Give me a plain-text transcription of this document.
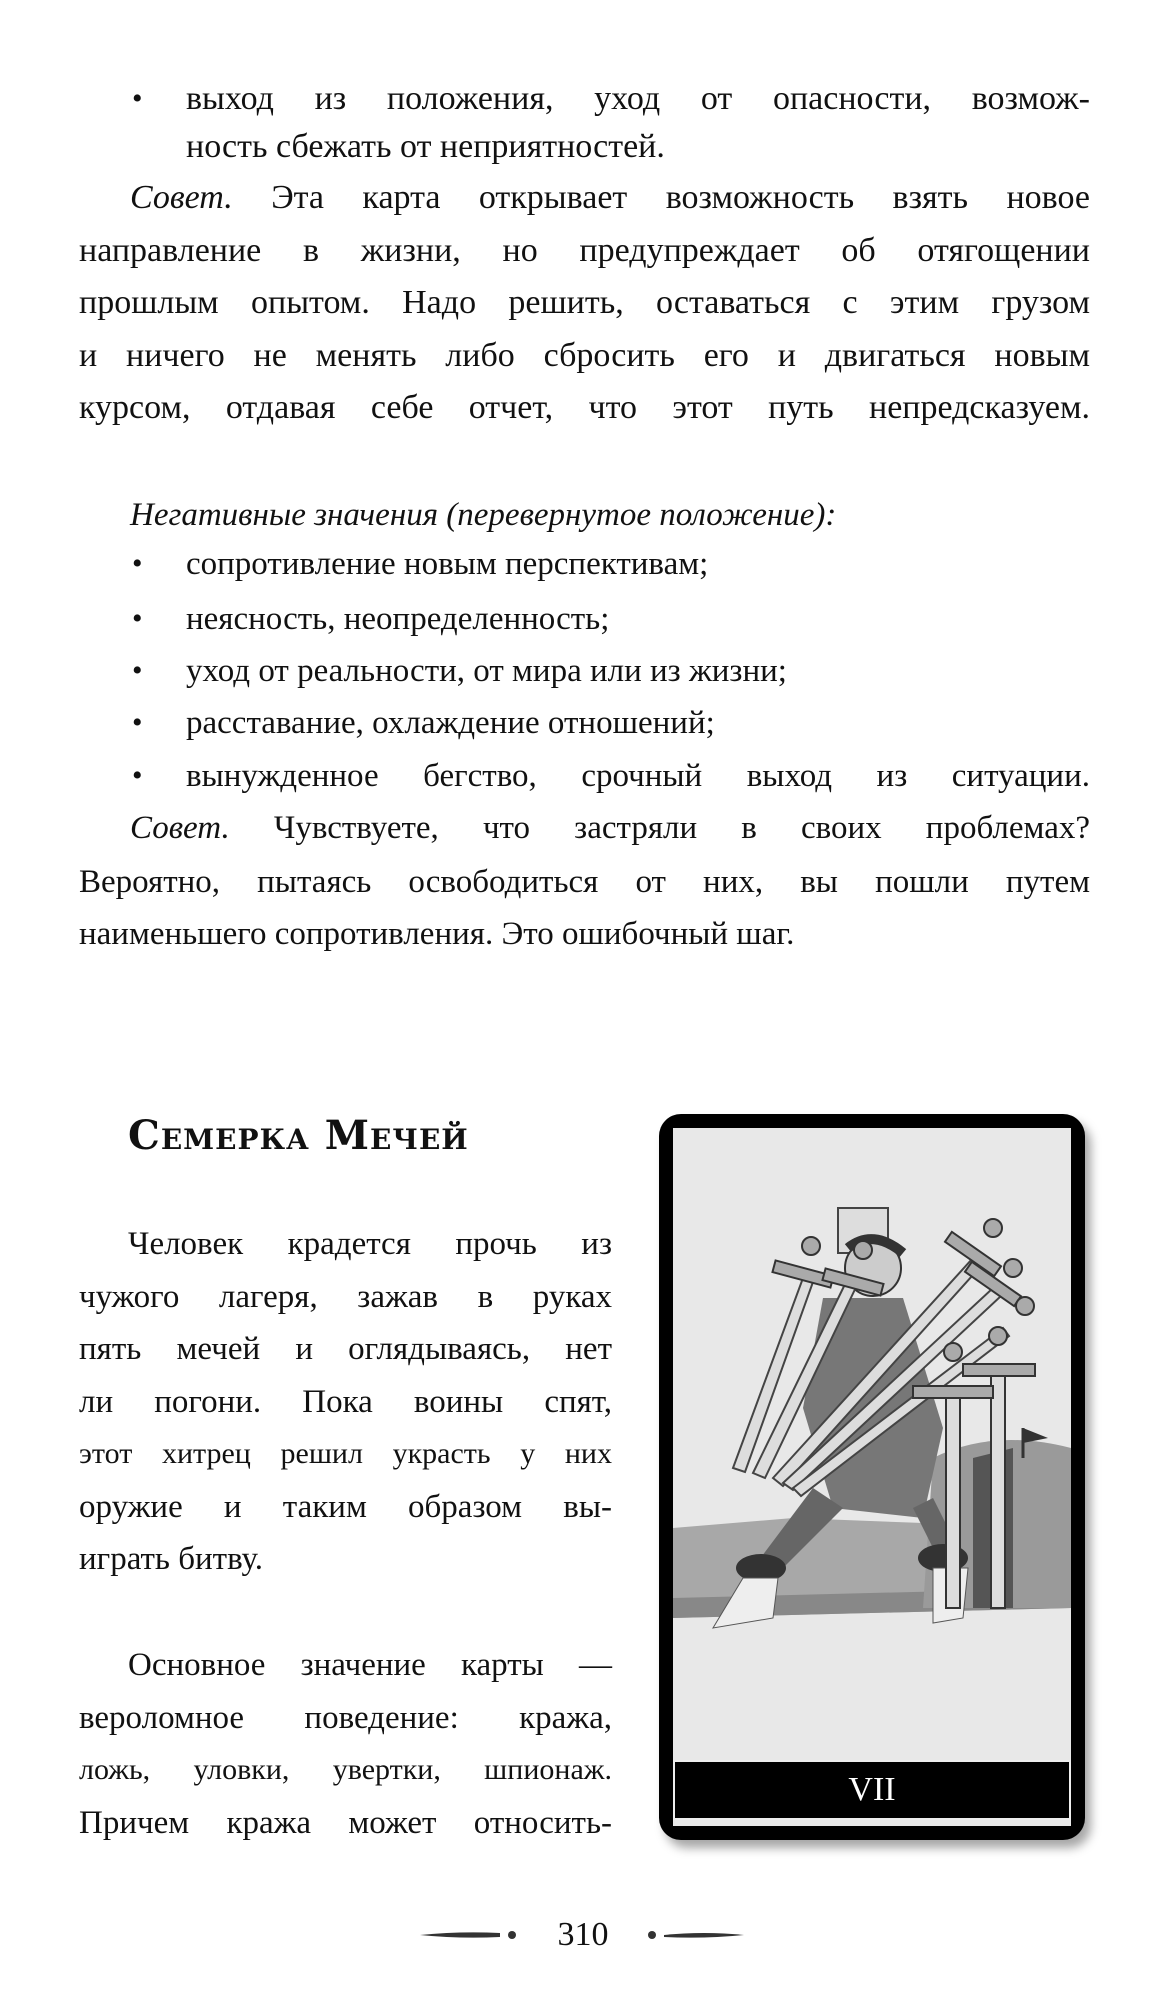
• выход из положения, уход от опасности, возмож-
ность сбежать от неприятностей.
Совет. Эта карта открывает возможность взять новое
направление в жизни, но предупреждает об отягощении
прошлым опытом. Надо решить, оставаться с этим грузом
и ничего не менять либо сбросить его и двигаться новым
курсом, отдавая себе отчет, что этот путь непредсказуем.
Негативные значения (перевернутое положение):
• сопротивление новым перспективам;
• неясность, неопределенность;
• уход от реальности, от мира или из жизни;
• расставание, охлаждение отношений;
• вынужденное бегство, срочный выход из ситуации.
Совет. Чувствуете, что застряли в своих проблемах?
Вероятно, пытаясь освободиться от них, вы пошли путем
наименьшего сопротивления. Это ошибочный шаг.
Семерка Мечей
Человек крадется прочь из
чужого лагеря, зажав в руках
пять мечей и оглядываясь, нет
ли погони. Пока воины спят,
этот хитрец решил украсть у них
оружие и таким образом вы-
играть битву.
Основное значение карты —
вероломное поведение: кража,
ложь, уловки, увертки, шпионаж.
Причем кража может относить-
VII
310
